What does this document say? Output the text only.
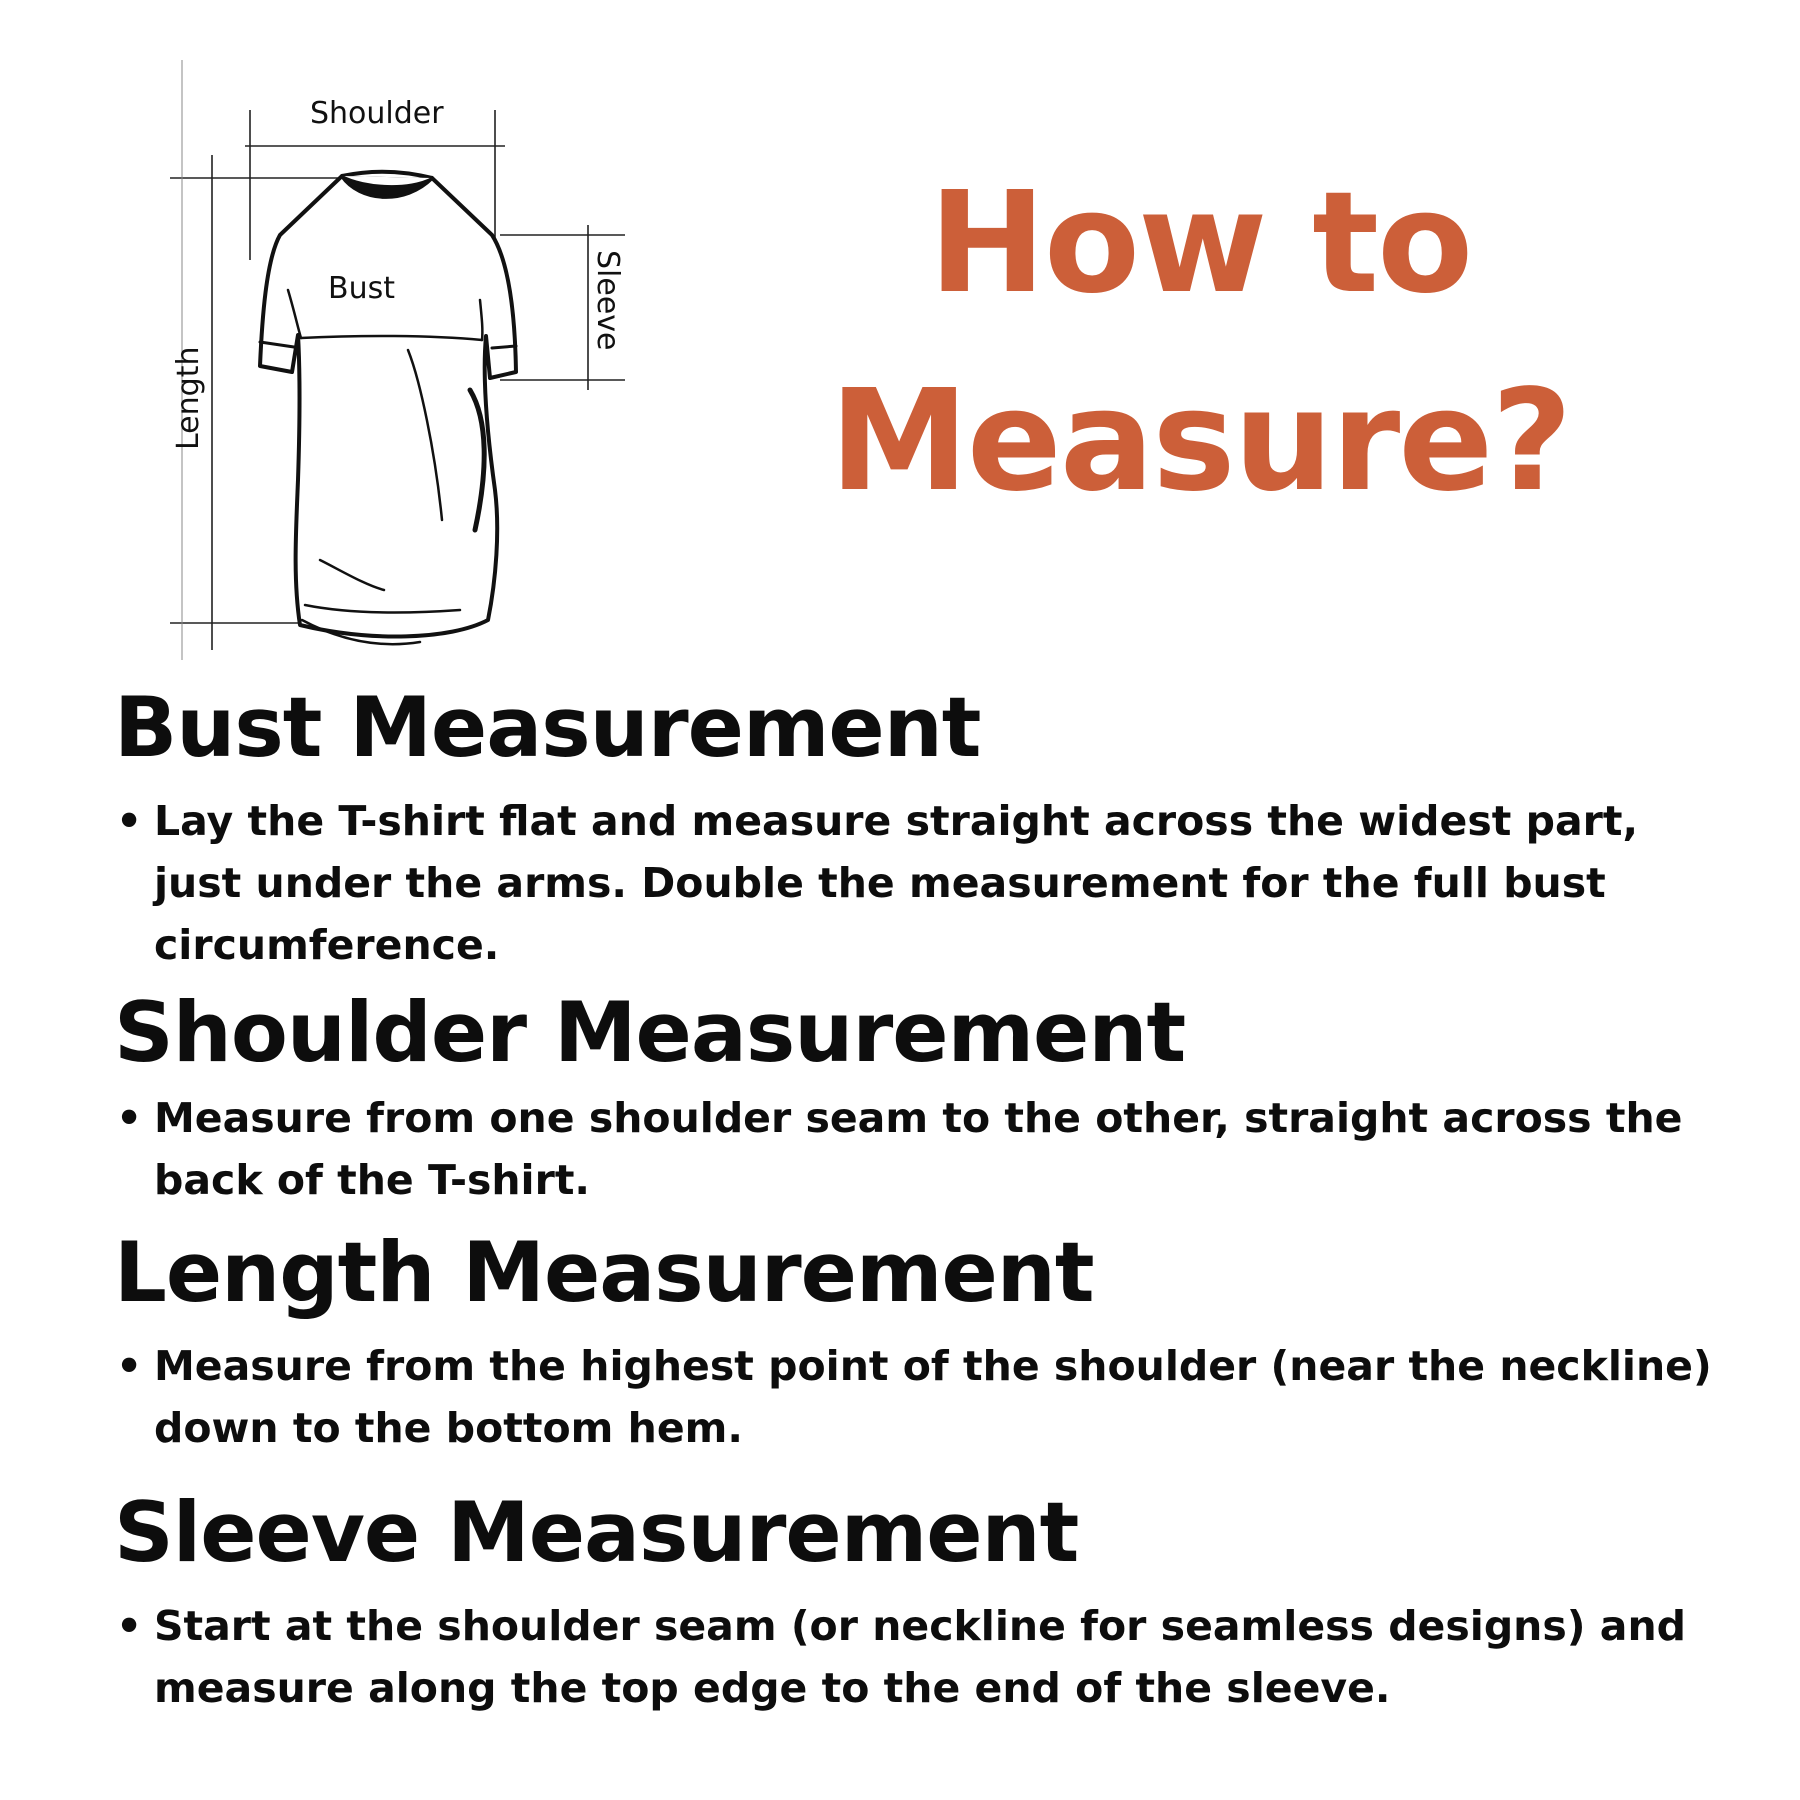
Shoulder
Bust	Sleeve
Length
How to
Measure?
Bust Measurement
• Lay the T-shirt flat and measure straight across the widest part, just under the arms. Double the measurement for the full bust circumference.
Shoulder Measurement
• Measure from one shoulder seam to the other, straight across the back of the T-shirt.
Length Measurement
• Measure from the highest point of the shoulder (near the neckline) down to the bottom hem.
Sleeve Measurement
• Start at the shoulder seam (or neckline for seamless designs) and measure along the top edge to the end of the sleeve.
